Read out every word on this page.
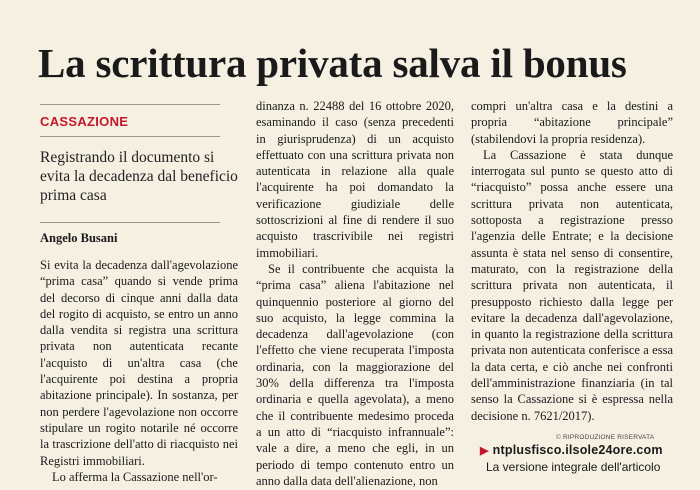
La scrittura privata salva il bonus
CASSAZIONE
Registrando il documento si evita la decadenza dal beneficio prima casa
Angelo Busani

Si evita la decadenza dall'agevolazione “prima casa” quando si vende prima del decorso di cinque anni dalla data del rogito di acquisto, se entro un anno dalla vendita si registra una scrittura privata non autenticata recante l'acquisto di un'altra casa (che l'acquirente poi destina a propria abitazione principale). In sostanza, per non perdere l'agevolazione non occorre stipulare un rogito notarile né occorre la trascrizione dell'atto di riacquisto nei Registri immobiliari.

Lo afferma la Cassazione nell'or-

dinanza n. 22488 del 16 ottobre 2020, esaminando il caso (senza precedenti in giurisprudenza) di un acquisto effettuato con una scrittura privata non autenticata in relazione alla quale l'acquirente ha poi domandato la verificazione giudiziale delle sottoscrizioni al fine di rendere il suo acquisto trascrivibile nei registri immobiliari.

Se il contribuente che acquista la “prima casa” aliena l'abitazione nel quinquennio posteriore al giorno del suo acquisto, la legge commina la decadenza dall'agevolazione (con l'effetto che viene recuperata l'imposta ordinaria, con la maggiorazione del 30% della differenza tra l'imposta ordinaria e quella agevolata), a meno che il contribuente medesimo proceda a un atto di “riacquisto infrannuale”: vale a dire, a meno che egli, in un periodo di tempo contenuto entro un anno dalla data dell'alienazione, non

compri un'altra casa e la destini a propria “abitazione principale” (stabilendovi la propria residenza).

La Cassazione è stata dunque interrogata sul punto se questo atto di “riacquisto” possa anche essere una scrittura privata non autenticata, sottoposta a registrazione presso l'agenzia delle Entrate; e la decisione assunta è stata nel senso di consentire, maturato, con la registrazione della scrittura privata non autenticata, il presupposto richiesto dalla legge per evitare la decadenza dall'agevolazione, in quanto la registrazione della scrittura privata non autenticata conferisce a essa la data certa, e ciò anche nei confronti dell'amministrazione finanziaria (in tal senso la Cassazione si è espressa nella decisione n. 7621/2017).

© RIPRODUZIONE RISERVATA
▶ ntplusfisco.ilsole24ore.com
La versione integrale dell'articolo
